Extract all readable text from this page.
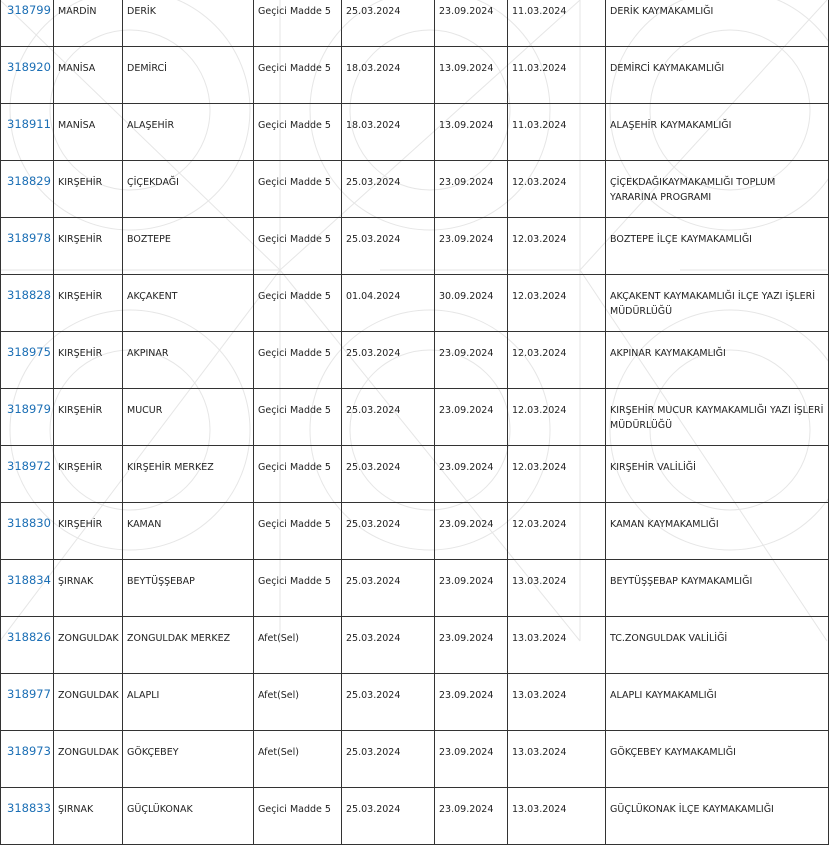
318799	MARDİN	DERİK	Geçici Madde 5	25.03.2024	23.09.2024	11.03.2024	DERİK KAYMAKAMLIĞI
318920	MANİSA	DEMİRCİ	Geçici Madde 5	18.03.2024	13.09.2024	11.03.2024	DEMİRCİ KAYMAKAMLIĞI
318911	MANİSA	ALAŞEHİR	Geçici Madde 5	18.03.2024	13.09.2024	11.03.2024	ALAŞEHİR KAYMAKAMLIĞI
318829	KIRŞEHİR	ÇİÇEKDAĞI	Geçici Madde 5	25.03.2024	23.09.2024	12.03.2024	ÇİÇEKDAĞIKAYMAKAMLIĞI TOPLUM YARARINA PROGRAMI
318978	KIRŞEHİR	BOZTEPE	Geçici Madde 5	25.03.2024	23.09.2024	12.03.2024	BOZTEPE İLÇE KAYMAKAMLIĞI
318828	KIRŞEHİR	AKÇAKENT	Geçici Madde 5	01.04.2024	30.09.2024	12.03.2024	AKÇAKENT KAYMAKAMLIĞI İLÇE YAZI İŞLERİ MÜDÜRLÜĞÜ
318975	KIRŞEHİR	AKPINAR	Geçici Madde 5	25.03.2024	23.09.2024	12.03.2024	AKPINAR KAYMAKAMLIĞI
318979	KIRŞEHİR	MUCUR	Geçici Madde 5	25.03.2024	23.09.2024	12.03.2024	KIRŞEHİR MUCUR KAYMAKAMLIĞI YAZI İŞLERİ MÜDÜRLÜĞÜ
318972	KIRŞEHİR	KIRŞEHİR MERKEZ	Geçici Madde 5	25.03.2024	23.09.2024	12.03.2024	KIRŞEHİR VALİLİĞİ
318830	KIRŞEHİR	KAMAN	Geçici Madde 5	25.03.2024	23.09.2024	12.03.2024	KAMAN KAYMAKAMLIĞI
318834	ŞIRNAK	BEYTÜŞŞEBAP	Geçici Madde 5	25.03.2024	23.09.2024	13.03.2024	BEYTÜŞŞEBAP KAYMAKAMLIĞI
318826	ZONGULDAK	ZONGULDAK MERKEZ	Afet(Sel)	25.03.2024	23.09.2024	13.03.2024	TC.ZONGULDAK VALİLİĞİ
318977	ZONGULDAK	ALAPLI	Afet(Sel)	25.03.2024	23.09.2024	13.03.2024	ALAPLI KAYMAKAMLIĞI
318973	ZONGULDAK	GÖKÇEBEY	Afet(Sel)	25.03.2024	23.09.2024	13.03.2024	GÖKÇEBEY KAYMAKAMLIĞI
318833	ŞIRNAK	GÜÇLÜKONAK	Geçici Madde 5	25.03.2024	23.09.2024	13.03.2024	GÜÇLÜKONAK İLÇE KAYMAKAMLIĞI
